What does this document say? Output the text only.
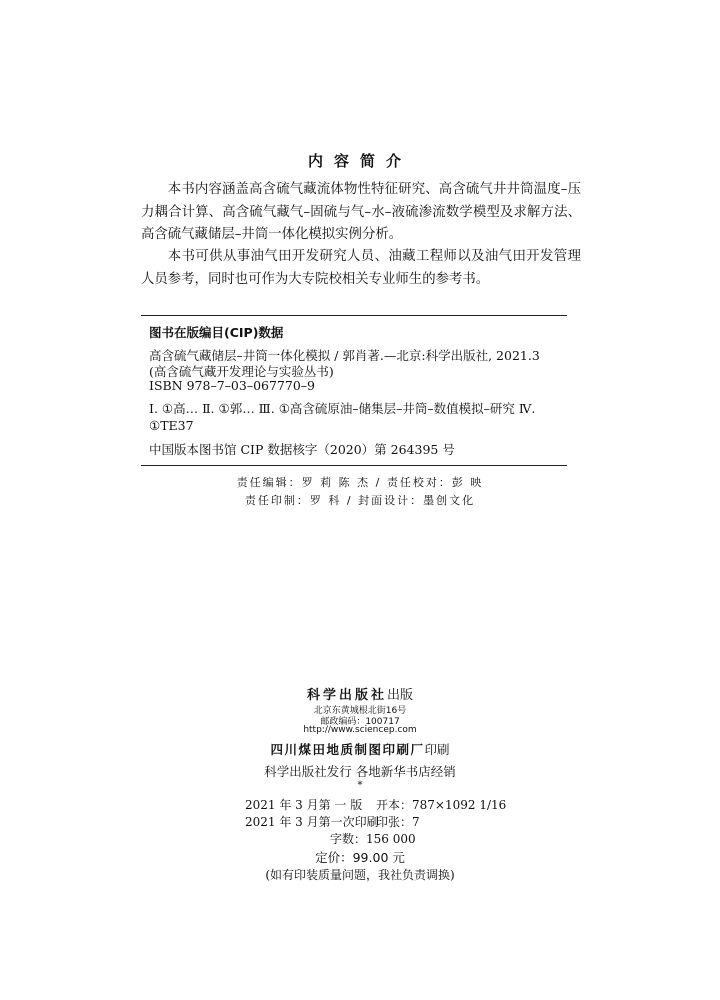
内容简介

本书内容涵盖高含硫气藏流体物性特征研究、高含硫气井井筒温度–压力耦合计算、高含硫气藏气–固硫与气–水–液硫渗流数学模型及求解方法、高含硫气藏储层–井筒一体化模拟实例分析。

本书可供从事油气田开发研究人员、油藏工程师以及油气田开发管理人员参考，同时也可作为大专院校相关专业师生的参考书。

图书在版编目(CIP)数据
高含硫气藏储层–井筒一体化模拟 / 郭肖著.—北京:科学出版社, 2021.3
(高含硫气藏开发理论与实验丛书)
ISBN 978–7–03–067770–9

Ⅰ. ①高… Ⅱ. ①郭… Ⅲ. ①高含硫原油–储集层–井筒–数值模拟–研究 Ⅳ. ①TE37

中国版本图书馆 CIP 数据核字（2020）第 264395 号
责任编辑：罗 莉 陈 杰 / 责任校对：彭 映
责任印制：罗 科 / 封面设计：墨创文化
科学出版社出版
北京东黄城根北街16号
邮政编码：100717
http://www.sciencep.com
四川煤田地质制图印刷厂印刷
科学出版社发行 各地新华书店经销
*
2021 年 3 月第 一 版 开本：787×1092 1/16
2021 年 3 月第一次印刷
印张：7
字数：156 000
定价：99.00 元
(如有印装质量问题，我社负责调换)
